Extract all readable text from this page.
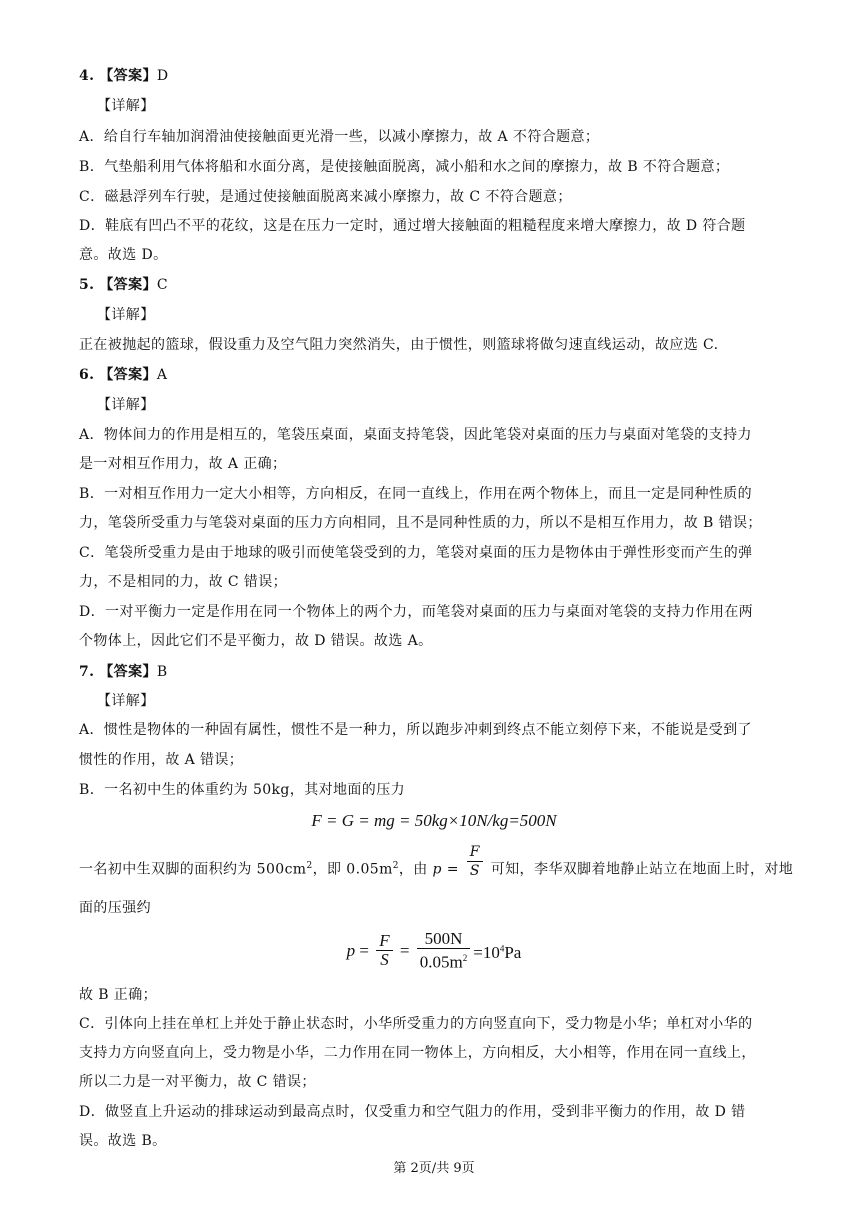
4. 【答案】D
【详解】
A．给自行车轴加润滑油使接触面更光滑一些，以减小摩擦力，故 A 不符合题意；
B．气垫船利用气体将船和水面分离，是使接触面脱离，减小船和水之间的摩擦力，故 B 不符合题意；
C．磁悬浮列车行驶，是通过使接触面脱离来减小摩擦力，故 C 不符合题意；
D．鞋底有凹凸不平的花纹，这是在压力一定时，通过增大接触面的粗糙程度来增大摩擦力，故 D 符合题
意。故选 D。
5. 【答案】C
【详解】
正在被抛起的篮球，假设重力及空气阻力突然消失，由于惯性，则篮球将做匀速直线运动，故应选 C.
6. 【答案】A
【详解】
A．物体间力的作用是相互的，笔袋压桌面，桌面支持笔袋，因此笔袋对桌面的压力与桌面对笔袋的支持力
是一对相互作用力，故 A 正确；
B．一对相互作用力一定大小相等，方向相反，在同一直线上，作用在两个物体上，而且一定是同种性质的
力，笔袋所受重力与笔袋对桌面的压力方向相同，且不是同种性质的力，所以不是相互作用力，故 B 错误；
C．笔袋所受重力是由于地球的吸引而使笔袋受到的力，笔袋对桌面的压力是物体由于弹性形变而产生的弹
力，不是相同的力，故 C 错误；
D．一对平衡力一定是作用在同一个物体上的两个力，而笔袋对桌面的压力与桌面对笔袋的支持力作用在两
个物体上，因此它们不是平衡力，故 D 错误。故选 A。
7. 【答案】B
【详解】
A．惯性是物体的一种固有属性，惯性不是一种力，所以跑步冲刺到终点不能立刻停下来，不能说是受到了
惯性的作用，故 A 错误；
B．一名初中生的体重约为 50kg，其对地面的压力
F = G = mg = 50kg×10N/kg=500N
一名初中生双脚的面积约为 $500cm^2$，即 $0.05m^2$，由 $p = \frac{F}{S}$ 可知，李华双脚着地静止站立在地面上时，对地
面的压强约
$p = \frac{F}{S} = \frac{500N}{0.05m^2} =10^4Pa$
故 B 正确；
C．引体向上挂在单杠上并处于静止状态时，小华所受重力的方向竖直向下，受力物是小华；单杠对小华的
支持力方向竖直向上，受力物是小华，二力作用在同一物体上，方向相反，大小相等，作用在同一直线上，
所以二力是一对平衡力，故 C 错误；
D．做竖直上升运动的排球运动到最高点时，仅受重力和空气阻力的作用，受到非平衡力的作用，故 D 错
误。故选 B。
第 2页/共 9页
